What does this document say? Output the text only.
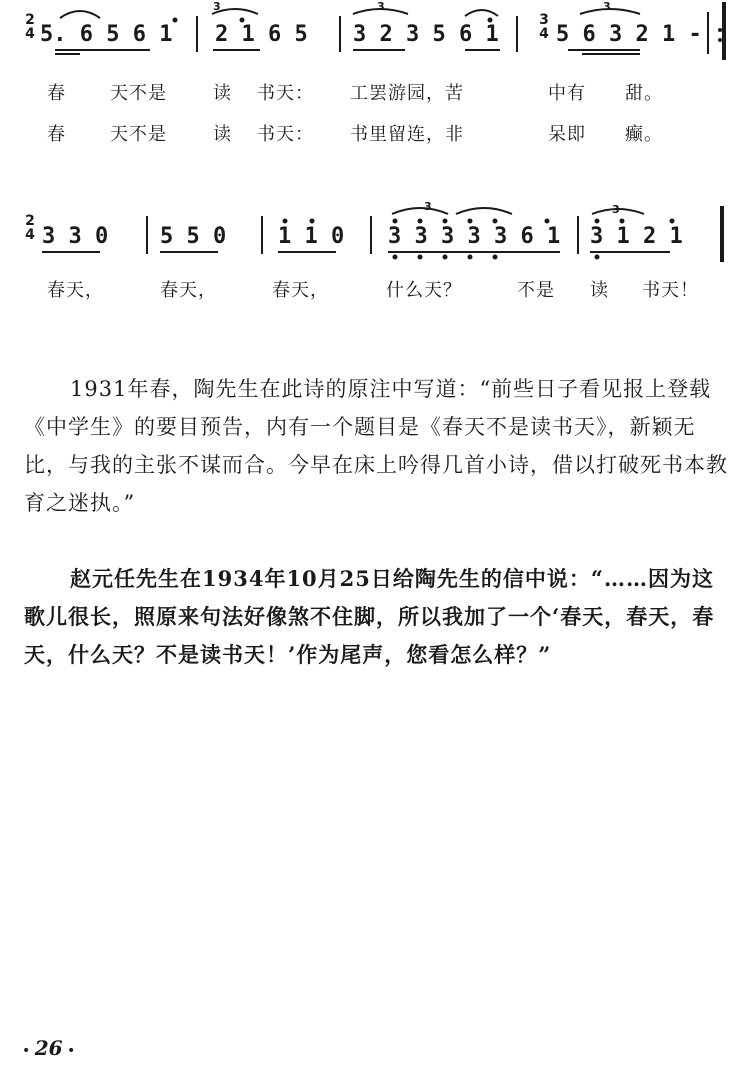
2
4 5. 6 5 6 1 2 1 6 5 3 2 3 5 6 1
3
4 5 6 3 2 1 -
3	3	3
春 天不是	读 书天： 工罢游园，苦	中有 甜。
春 天不是	读 书天： 书里留连，非	呆即 癫。
2
4 3 3 0 5 5 0 1 1 0 3 3 3 3 3 6 1 3 1 2 1
3	3
春天，	春天，	春天，	什么天？	不是 读 书天！
1931年春，陶先生在此诗的原注中写道：“前些日子看见报上登载《中学生》的要目预告，内有一个题目是《春天不是读书天》，新颖无比，与我的主张不谋而合。今早在床上吟得几首小诗，借以打破死书本教育之迷执。”
赵元任先生在1934年10月25日给陶先生的信中说：“……因为这歌儿很长，照原来句法好像煞不住脚，所以我加了一个‘春天，春天，春天，什么天？不是读书天！’作为尾声，您看怎么样？”
• 26 •
